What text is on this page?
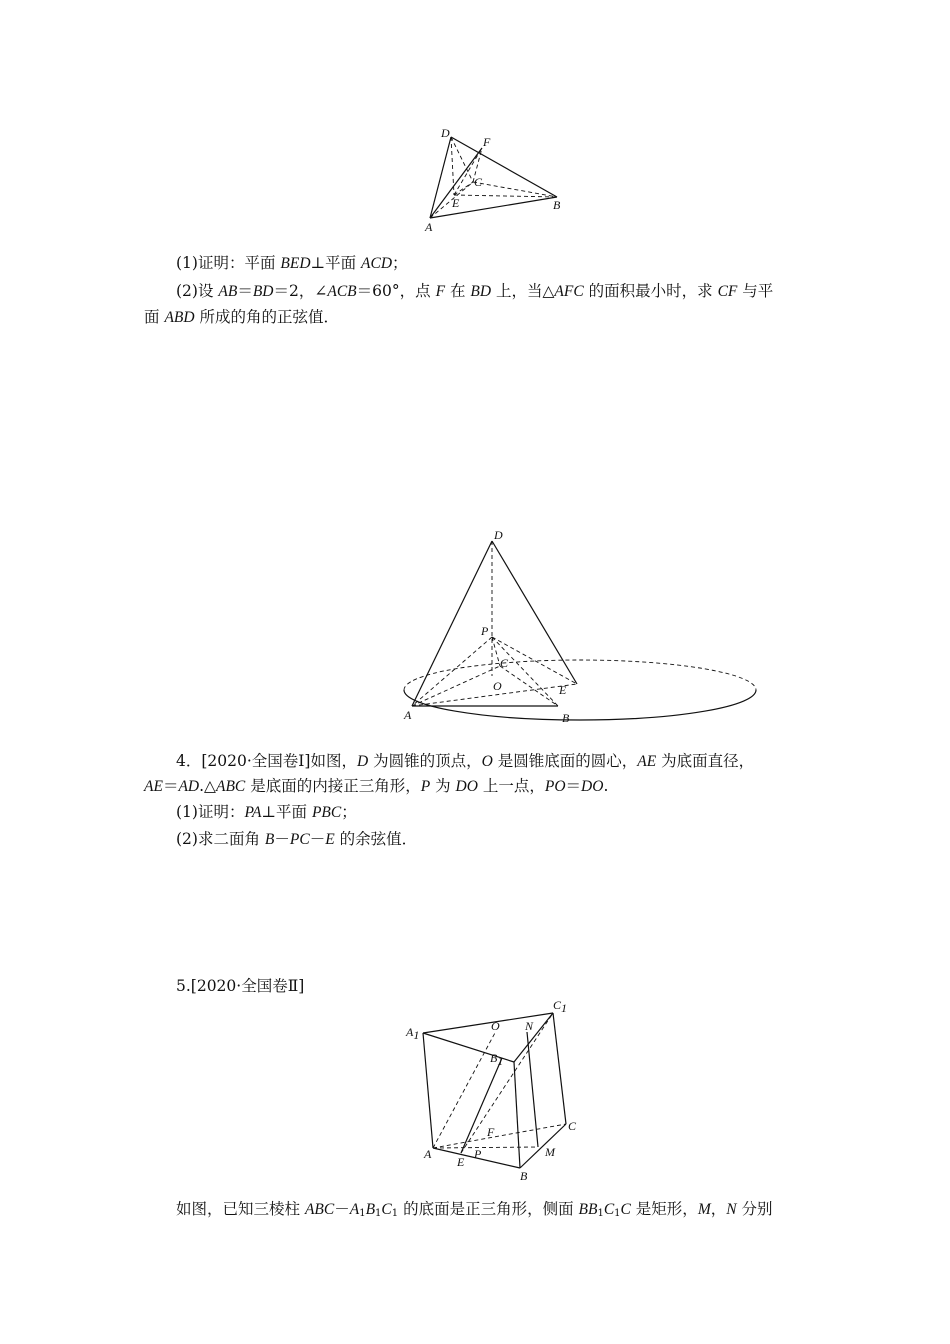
D
F
C
E	B
A
(1)证明：平面 BED⊥平面 ACD；
(2)设 AB＝BD＝2，∠ACB＝60°，点 F 在 BD 上，当△AFC 的面积最小时，求 CF 与平
面 ABD 所成的角的正弦值．
D
P
C
O	E
A	B
4．[2020·全国卷Ⅰ]如图，D 为圆锥的顶点，O 是圆锥底面的圆心，AE 为底面直径，
AE＝AD.△ABC 是底面的内接正三角形，P 为 DO 上一点，PO＝DO.
(1)证明：PA⊥平面 PBC；
(2)求二面角 B－PC－E 的余弦值．
5.[2020·全国卷Ⅱ]
A1
C1
O N
B1
F	C
P
A
E
M
B
如图，已知三棱柱 $ABC-A_1B_1C_1$ 的底面是正三角形，侧面 $BB_1C_1C$ 是矩形，M，N 分别
